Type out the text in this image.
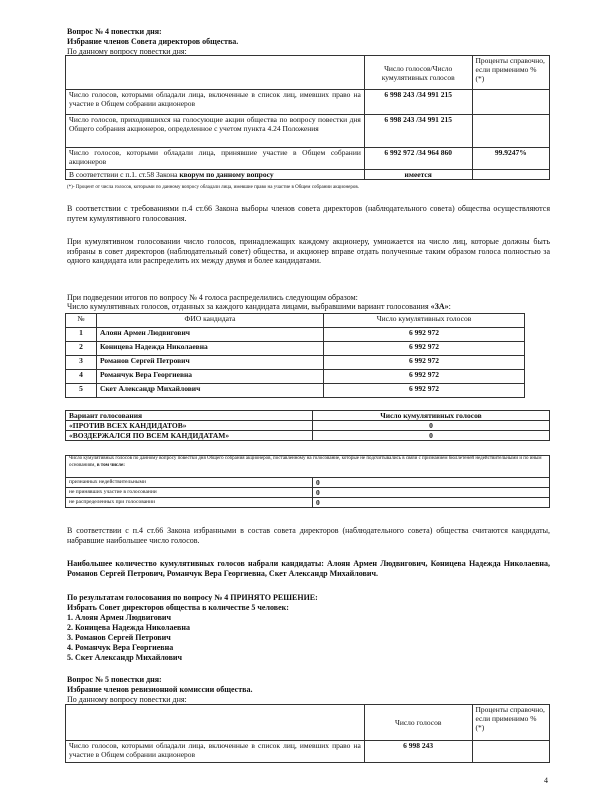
Вопрос № 4 повестки дня:
Избрание членов Совета директоров общества.
По данному вопросу повестки дня:
	Число голосов/Число кумулятивных голосов	Проценты справочно, если применимо % (*)
Число голосов, которыми обладали лица, включенные в список лиц, имевших право на участие в Общем собрании акционеров	6 998 243 /34 991 215	
Число голосов, приходившихся на голосующие акции общества по вопросу повестки дня Общего собрания акционеров, определенное с учетом пункта 4.24 Положения	6 998 243 /34 991 215	
Число голосов, которыми обладали лица, принявшие участие в Общем собрании акционеров	6 992 972 /34 964 860	99.9247%
В соответствии с п.1. ст.58 Закона кворум по данному вопросу	имеется	
(*)- Процент от числа голосов, которыми по данному вопросу обладали лица, имевшие право на участие в Общем собрании акционеров.
В соответствии с требованиями п.4 ст.66 Закона выборы членов совета директоров (наблюдательного совета) общества осуществляются путем кумулятивного голосования.
При кумулятивном голосовании число голосов, принадлежащих каждому акционеру, умножается на число лиц, которые должны быть избраны в совет директоров (наблюдательный совет) общества, и акционер вправе отдать полученные таким образом голоса полностью за одного кандидата или распределить их между двумя и более кандидатами.
При подведении итогов по вопросу № 4 голоса распределились следующим образом:
Число кумулятивных голосов, отданных за каждого кандидата лицами, выбравшими вариант голосования «ЗА»:
№	ФИО кандидата	Число кумулятивных голосов
1	Алоян Армен Людвигович	6 992 972
2	Коницева Надежда Николаевна	6 992 972
3	Романов Сергей Петрович	6 992 972
4	Романчук Вера Георгиевна	6 992 972
5	Скет Александр Михайлович	6 992 972
Вариант голосования	Число кумулятивных голосов
«ПРОТИВ ВСЕХ КАНДИДАТОВ»	0
«ВОЗДЕРЖАЛСЯ ПО ВСЕМ КАНДИДАТАМ»	0
Число кумулятивных голосов по данному вопросу повестки дня Общего собрания акционеров, поставленному на голосование, которые не подсчитывались в связи с признанием бюллетеней недействительными и по иным основаниям, в том числе:	
признанных недействительными	0
не принявших участие в голосовании	0
не распределенных при голосовании	0
В соответствии с п.4 ст.66 Закона избранными в состав совета директоров (наблюдательного совета) общества считаются кандидаты, набравшие наибольшее число голосов.
Наибольшее количество кумулятивных голосов набрали кандидаты: Алоян Армен Людвигович, Коницева Надежда Николаевна, Романов Сергей Петрович, Романчук Вера Георгиевна, Скет Александр Михайлович.
По результатам голосования по вопросу № 4 ПРИНЯТО РЕШЕНИЕ:
Избрать Совет директоров общества в количестве 5 человек:
1. Алоян Армен Людвигович
2. Коницева Надежда Николаевна
3. Романов Сергей Петрович
4. Романчук Вера Георгиевна
5. Скет Александр Михайлович
Вопрос № 5 повестки дня:
Избрание членов ревизионной комиссии общества.
По данному вопросу повестки дня:
	Число голосов	Проценты справочно, если применимо % (*)
Число голосов, которыми обладали лица, включенные в список лиц, имевших право на участие в Общем собрании акционеров	6 998 243	
4
